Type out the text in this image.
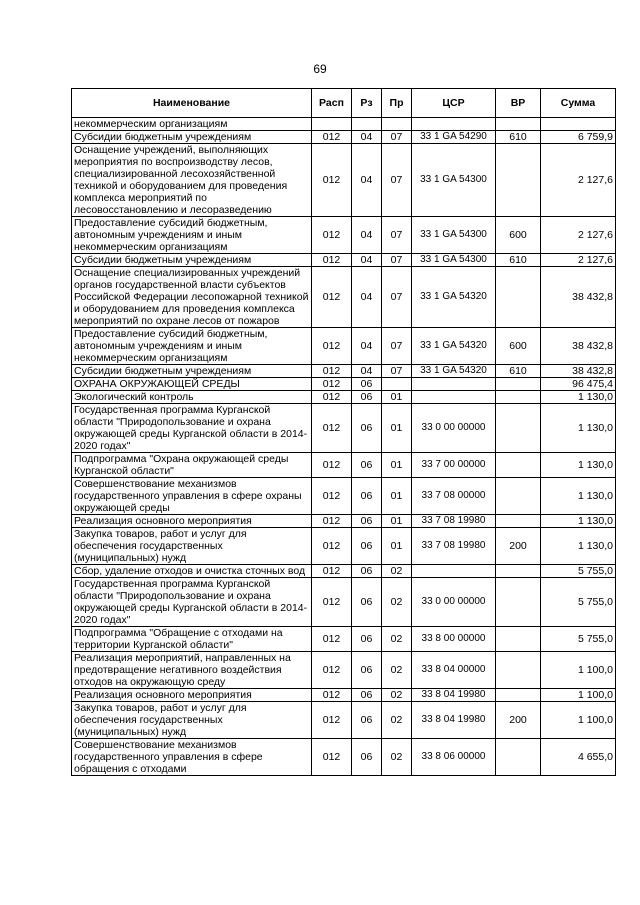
69
Наименование	Расп	Рз	Пр	ЦСР	ВР	Сумма
некоммерческим организациям						
Субсидии бюджетным учреждениям	012	04	07	33 1 GA 54290	610	6 759,9
Оснащение учреждений, выполняющих мероприятия по воспроизводству лесов, специализированной лесохозяйственной техникой и оборудованием для проведения комплекса мероприятий по лесовосстановлению и лесоразведению	012	04	07	33 1 GA 54300		2 127,6
Предоставление субсидий бюджетным, автономным учреждениям и иным некоммерческим организациям	012	04	07	33 1 GA 54300	600	2 127,6
Субсидии бюджетным учреждениям	012	04	07	33 1 GA 54300	610	2 127,6
Оснащение специализированных учреждений органов государственной власти субъектов Российской Федерации лесопожарной техникой и оборудованием для проведения комплекса мероприятий по охране лесов от пожаров	012	04	07	33 1 GA 54320		38 432,8
Предоставление субсидий бюджетным, автономным учреждениям и иным некоммерческим организациям	012	04	07	33 1 GA 54320	600	38 432,8
Субсидии бюджетным учреждениям	012	04	07	33 1 GA 54320	610	38 432,8
ОХРАНА ОКРУЖАЮЩЕЙ СРЕДЫ	012	06				96 475,4
Экологический контроль	012	06	01			1 130,0
Государственная программа Курганской области "Природопользование и охрана окружающей среды Курганской области в 2014-2020 годах"	012	06	01	33 0 00 00000		1 130,0
Подпрограмма "Охрана окружающей среды Курганской области"	012	06	01	33 7 00 00000		1 130,0
Совершенствование механизмов государственного управления в сфере охраны окружающей среды	012	06	01	33 7 08 00000		1 130,0
Реализация основного мероприятия	012	06	01	33 7 08 19980		1 130,0
Закупка товаров, работ и услуг для обеспечения государственных (муниципальных) нужд	012	06	01	33 7 08 19980	200	1 130,0
Сбор, удаление отходов и очистка сточных вод	012	06	02			5 755,0
Государственная программа Курганской области "Природопользование и охрана окружающей среды Курганской области в 2014-2020 годах"	012	06	02	33 0 00 00000		5 755,0
Подпрограмма "Обращение с отходами на территории Курганской области"	012	06	02	33 8 00 00000		5 755,0
Реализация мероприятий, направленных на предотвращение негативного воздействия отходов на окружающую среду	012	06	02	33 8 04 00000		1 100,0
Реализация основного мероприятия	012	06	02	33 8 04 19980		1 100,0
Закупка товаров, работ и услуг для обеспечения государственных (муниципальных) нужд	012	06	02	33 8 04 19980	200	1 100,0
Совершенствование механизмов государственного управления в сфере обращения с отходами	012	06	02	33 8 06 00000		4 655,0
